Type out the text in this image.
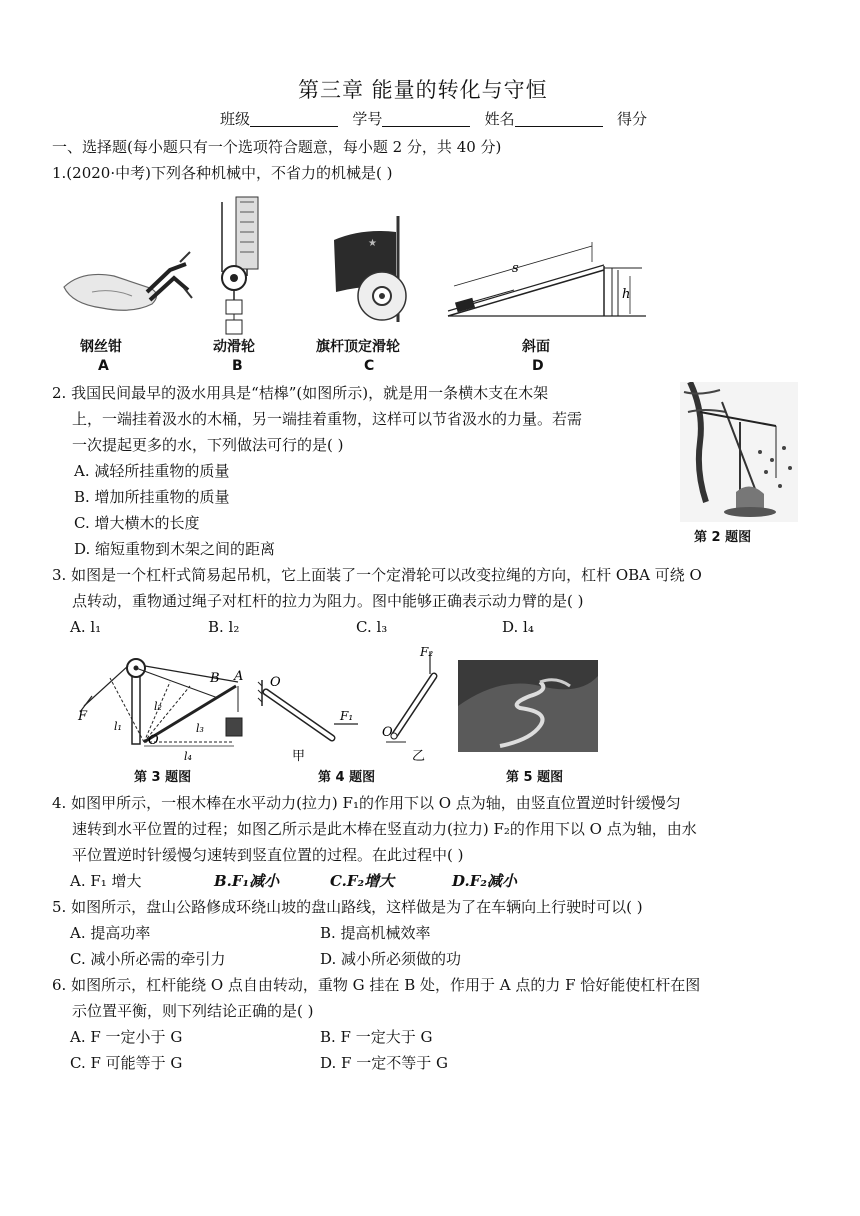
第三章 能量的转化与守恒
班级	学号	姓名	得分
一、选择题(每小题只有一个选项符合题意，每小题 2 分，共 40 分)
1.(2020·中考)下列各种机械中，不省力的机械是( )
★
s
h
钢丝钳
A
动滑轮
B
旗杆顶定滑轮
C
斜面
D
2. 我国民间最早的汲水用具是“桔槔”(如图所示)，就是用一条横木支在木架
上，一端挂着汲水的木桶，另一端挂着重物，这样可以节省汲水的力量。若需
一次提起更多的水，下列做法可行的是( )
A. 减轻所挂重物的质量
B. 增加所挂重物的质量
C. 增大横木的长度
D. 缩短重物到木架之间的距离
第 2 题图
3. 如图是一个杠杆式简易起吊机，它上面装了一个定滑轮可以改变拉绳的方向，杠杆 OBA 可绕 O
点转动，重物通过绳子对杠杆的拉力为阻力。图中能够正确表示动力臂的是( )
A. l₁	B. l₂	C. l₃	D. l₄
F
O
B A
l₁
l₂
l₃
l₄
O
F₁
甲
F₂
O
乙
第 3 题图	第 4 题图	第 5 题图
4. 如图甲所示，一根木棒在水平动力(拉力) F₁的作用下以 O 点为轴，由竖直位置逆时针缓慢匀
速转到水平位置的过程；如图乙所示是此木棒在竖直动力(拉力) F₂的作用下以 O 点为轴，由水
平位置逆时针缓慢匀速转到竖直位置的过程。在此过程中( )
A. F₁ 增大	B.F₁减小	C.F₂增大	D.F₂减小
5. 如图所示，盘山公路修成环绕山坡的盘山路线，这样做是为了在车辆向上行驶时可以( )
A. 提高功率	B. 提高机械效率
C. 减小所必需的牵引力	D. 减小所必须做的功
6. 如图所示，杠杆能绕 O 点自由转动，重物 G 挂在 B 处，作用于 A 点的力 F 恰好能使杠杆在图
示位置平衡，则下列结论正确的是( )
A. F 一定小于 G	B. F 一定大于 G
C. F 可能等于 G	D. F 一定不等于 G
